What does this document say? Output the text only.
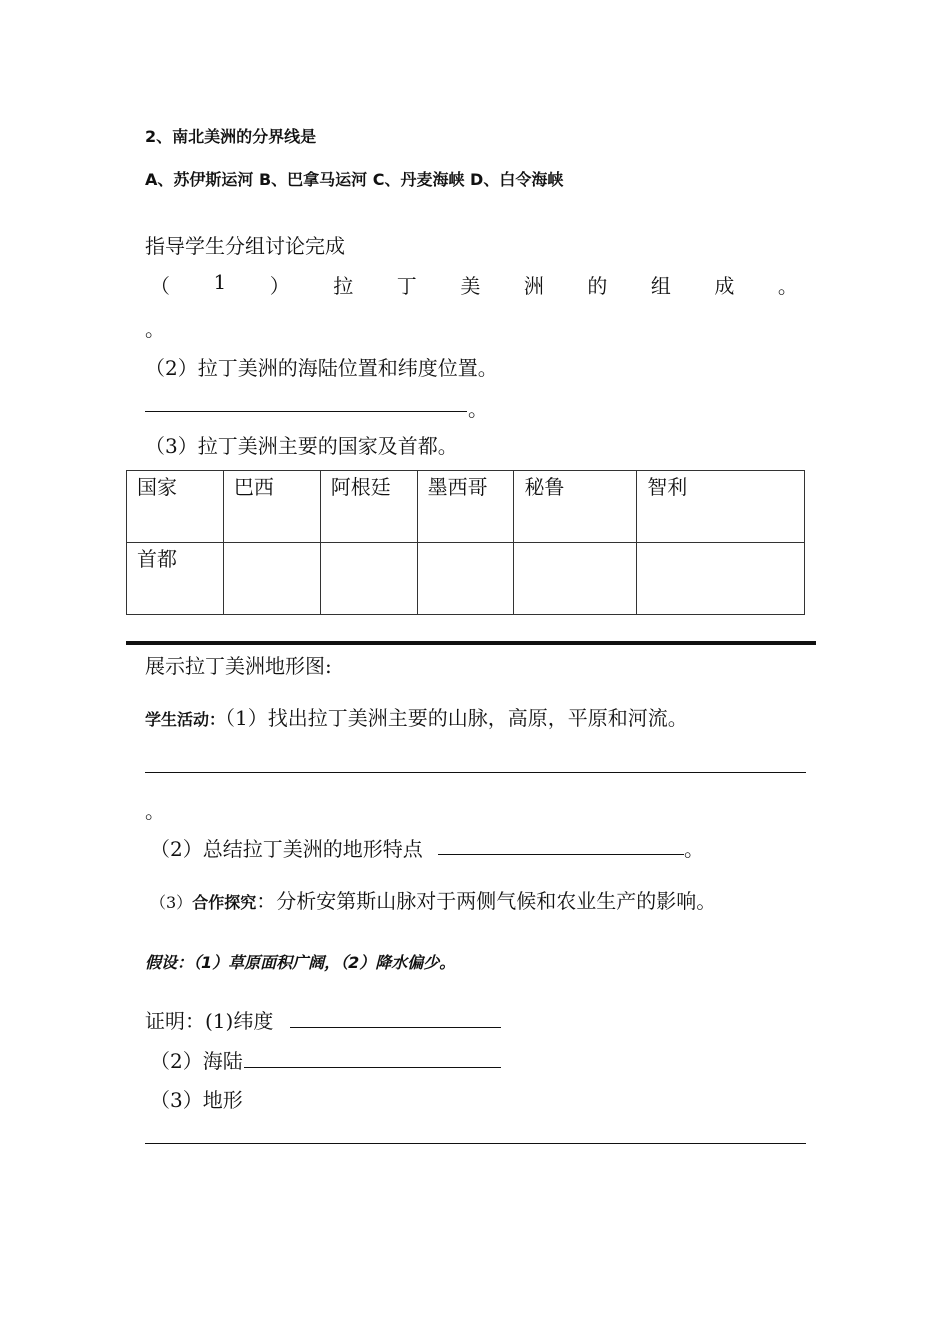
2、南北美洲的分界线是
A、苏伊斯运河 B、巴拿马运河 C、丹麦海峡 D、白令海峡
指导学生分组讨论完成
（ 1 ） 拉 丁 美 洲 的 组 成 。
。
（2）拉丁美洲的海陆位置和纬度位置。
。
（3）拉丁美洲主要的国家及首都。
国家	巴西	阿根廷	墨西哥	秘鲁	智利
首都					
展示拉丁美洲地形图:
学生活动：（1）找出拉丁美洲主要的山脉，高原，平原和河流。
。
（2）总结拉丁美洲的地形特点	。
（3）合作探究：分析安第斯山脉对于两侧气候和农业生产的影响。
假设：（1）草原面积广阔，（2）降水偏少。
证明：(1)纬度
（2）海陆
（3）地形
